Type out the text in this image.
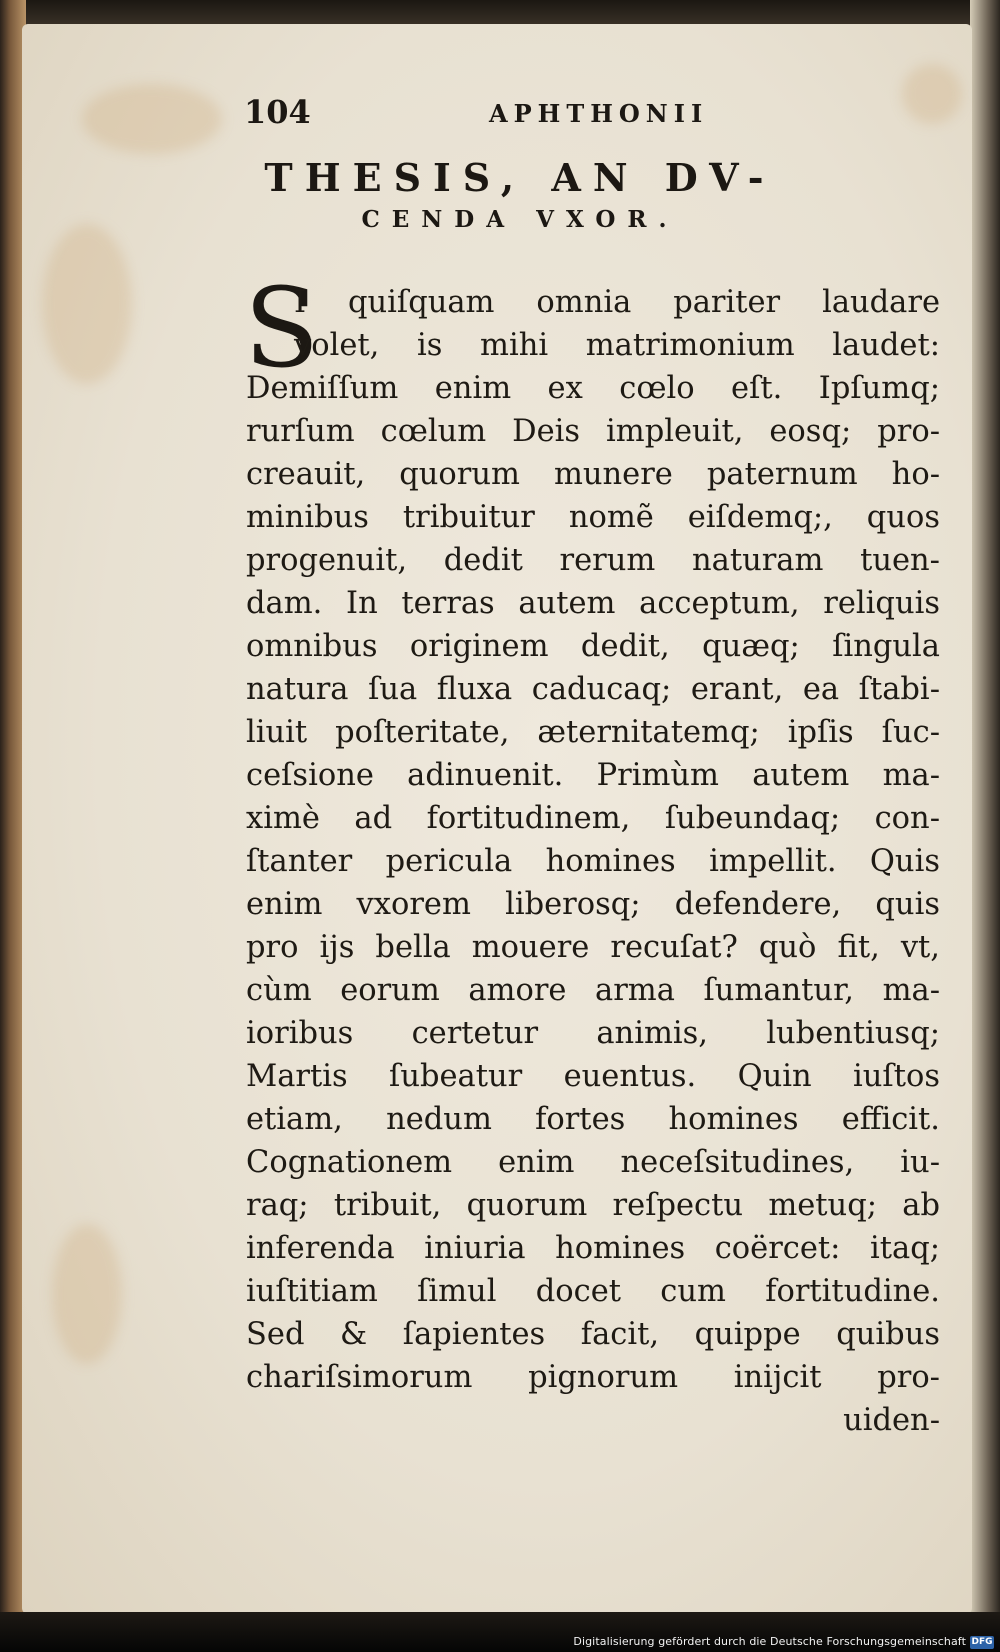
104	APHTHONII
THESIS, AN DV-
CENDA VXOR.
S
I quiſquam omnia pariter laudare
volet, is mihi matrimonium laudet:
Demiſſum enim ex cœlo eſt. Ipſumq;
rurſum cœlum Deis impleuit, eosq; pro-
creauit, quorum munere paternum ho-
minibus tribuitur nomẽ eiſdemq;, quos
progenuit, dedit rerum naturam tuen-
dam. In terras autem acceptum, reliquis
omnibus originem dedit, quæq; ſingula
natura ſua fluxa caducaq; erant, ea ſtabi-
liuit poſteritate, æternitatemq; ipſis ſuc-
ceſsione adinuenit. Primùm autem ma-
ximè ad fortitudinem, ſubeundaq; con-
ſtanter pericula homines impellit. Quis
enim vxorem liberosq; defendere, quis
pro ijs bella mouere recuſat? quò fit, vt,
cùm eorum amore arma ſumantur, ma-
ioribus certetur animis, lubentiusq;
Martis ſubeatur euentus. Quin iuſtos
etiam, nedum fortes homines efficit.
Cognationem enim neceſsitudines, iu-
raq; tribuit, quorum reſpectu metuq; ab
inferenda iniuria homines coërcet: itaq;
iuſtitiam ſimul docet cum fortitudine.
Sed & ſapientes facit, quippe quibus
chariſsimorum pignorum inijcit pro-
uiden-
Digitalisierung gefördert durch die Deutsche Forschungsgemeinschaft DFG
